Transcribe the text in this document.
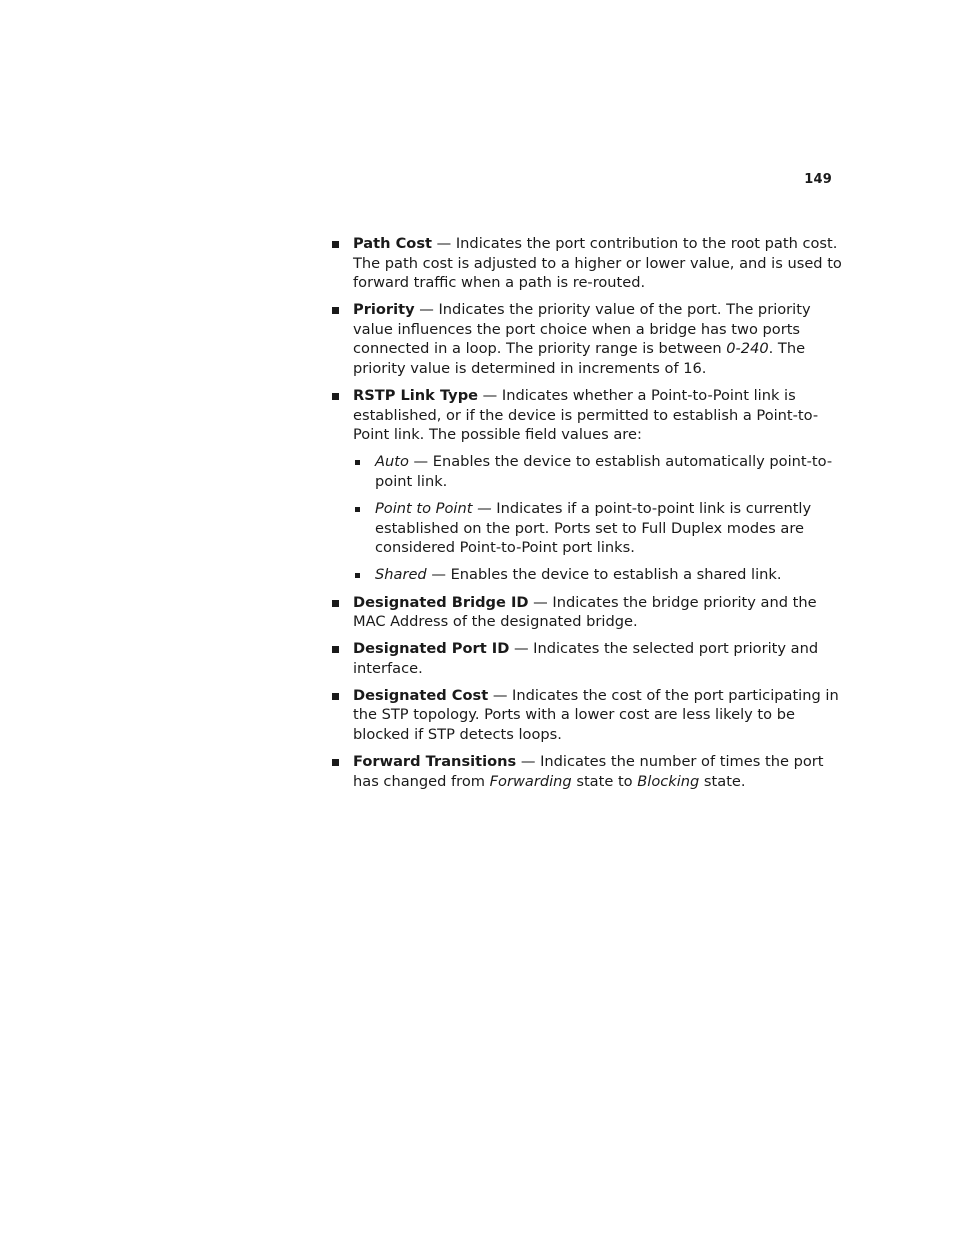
149
Path Cost — Indicates the port contribution to the root path cost. The path cost is adjusted to a higher or lower value, and is used to forward traffic when a path is re-routed.
Priority — Indicates the priority value of the port. The priority value influences the port choice when a bridge has two ports connected in a loop. The priority range is between 0-240. The priority value is determined in increments of 16.
RSTP Link Type — Indicates whether a Point-to-Point link is established, or if the device is permitted to establish a Point-to-Point link. The possible field values are:
Auto — Enables the device to establish automatically point-to-point link.
Point to Point — Indicates if a point-to-point link is currently established on the port. Ports set to Full Duplex modes are considered Point-to-Point port links.
Shared — Enables the device to establish a shared link.
Designated Bridge ID — Indicates the bridge priority and the MAC Address of the designated bridge.
Designated Port ID — Indicates the selected port priority and interface.
Designated Cost — Indicates the cost of the port participating in the STP topology. Ports with a lower cost are less likely to be blocked if STP detects loops.
Forward Transitions — Indicates the number of times the port has changed from Forwarding state to Blocking state.
